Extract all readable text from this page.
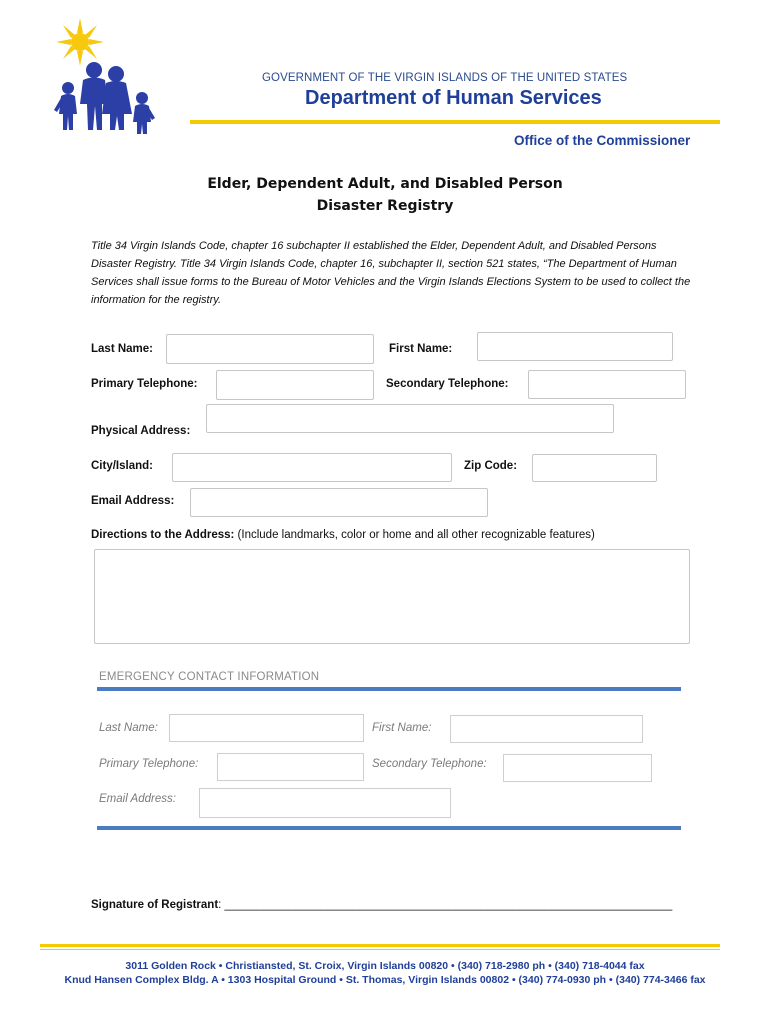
GOVERNMENT OF THE VIRGIN ISLANDS OF THE UNITED STATES
Department of Human Services
Office of the Commissioner
Elder, Dependent Adult, and Disabled Person
Disaster Registry
Title 34 Virgin Islands Code, chapter 16 subchapter II established the Elder, Dependent Adult, and Disabled Persons Disaster Registry. Title 34 Virgin Islands Code, chapter 16, subchapter II, section 521 states, “The Department of Human Services shall issue forms to the Bureau of Motor Vehicles and the Virgin Islands Elections System to be used to collect the information for the registry.
Last Name:	First Name:
Primary Telephone:	Secondary Telephone:
Physical Address:
City/Island:	Zip Code:
Email Address:
Directions to the Address: (Include landmarks, color or home and all other recognizable features)
EMERGENCY CONTACT INFORMATION
Last Name:	First Name:
Primary Telephone:	Secondary Telephone:
Email Address:
Signature of Registrant: ______________________________________________________________________
3011 Golden Rock • Christiansted, St. Croix, Virgin Islands 00820 • (340) 718-2980 ph • (340) 718-4044 fax
Knud Hansen Complex Bldg. A • 1303 Hospital Ground • St. Thomas, Virgin Islands 00802 • (340) 774-0930 ph • (340) 774-3466 fax
